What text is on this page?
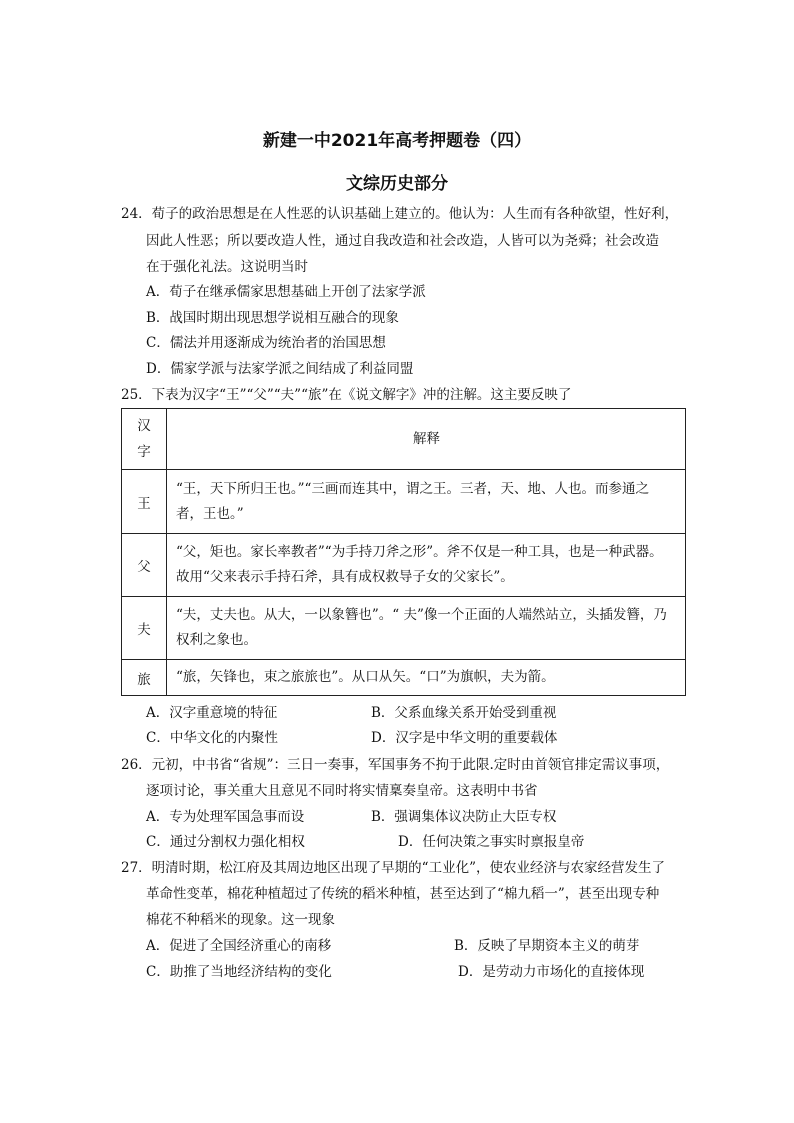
新建一中2021年高考押题卷（四）
文综历史部分
24．荀子的政治思想是在人性恶的认识基础上建立的。他认为：人生而有各种欲望，性好利，
因此人性恶；所以要改造人性，通过自我改造和社会改造，人皆可以为尧舜；社会改造
在于强化礼法。这说明当时
A．荀子在继承儒家思想基础上开创了法家学派
B．战国时期出现思想学说相互融合的现象
C．儒法并用逐渐成为统治者的治国思想
D．儒家学派与法家学派之间结成了利益同盟
25．下表为汉字“王”“父”“夫”“旅”在《说文解字》冲的注解。这主要反映了
汉
字	解释
王	“王，天下所归王也。”“三画而连其中，谓之王。三者，天、地、人也。而参通之
者，王也。”

父	“父，矩也。家长率教者”“为手持刀斧之形”。斧不仅是一种工具，也是一种武器。
故用“父来表示手持石斧，具有成权救导子女的父家长”。

夫	“夫，丈夫也。从大，一以象簪也”。“ 夫”像一个正面的人端然站立，头插发簪，乃
权利之象也。

旅	“旅，矢锋也，束之旅旅也”。从口从矢。“口”为旗帜，夫为箭。
A．汉字重意境的特征	B．父系血缘关系开始受到重视
C．中华文化的内聚性	D．汉字是中华文明的重要载体
26．元初，中书省“省规”：三日一奏事，军国事务不拘于此限.定时由首领官排定需议事项，
逐项讨论，事关重大且意见不同时将实情稟奏皇帝。这表明中书省
A．专为处理军国急事而设	B．强调集体议决防止大臣专权
C．通过分割权力强化相权	D．任何决策之事实时禀报皇帝
27．明清时期，松江府及其周边地区出现了早期的“工业化”，使农业经济与农家经营发生了
革命性变革，棉花种植超过了传统的稻米种植，甚至达到了“棉九稻一”，甚至出现专种
棉花不种稻米的现象。这一现象
A．促进了全国经济重心的南移	B．反映了早期资本主义的萌芽
C．助推了当地经济结构的变化	D．是劳动力市场化的直接体现
